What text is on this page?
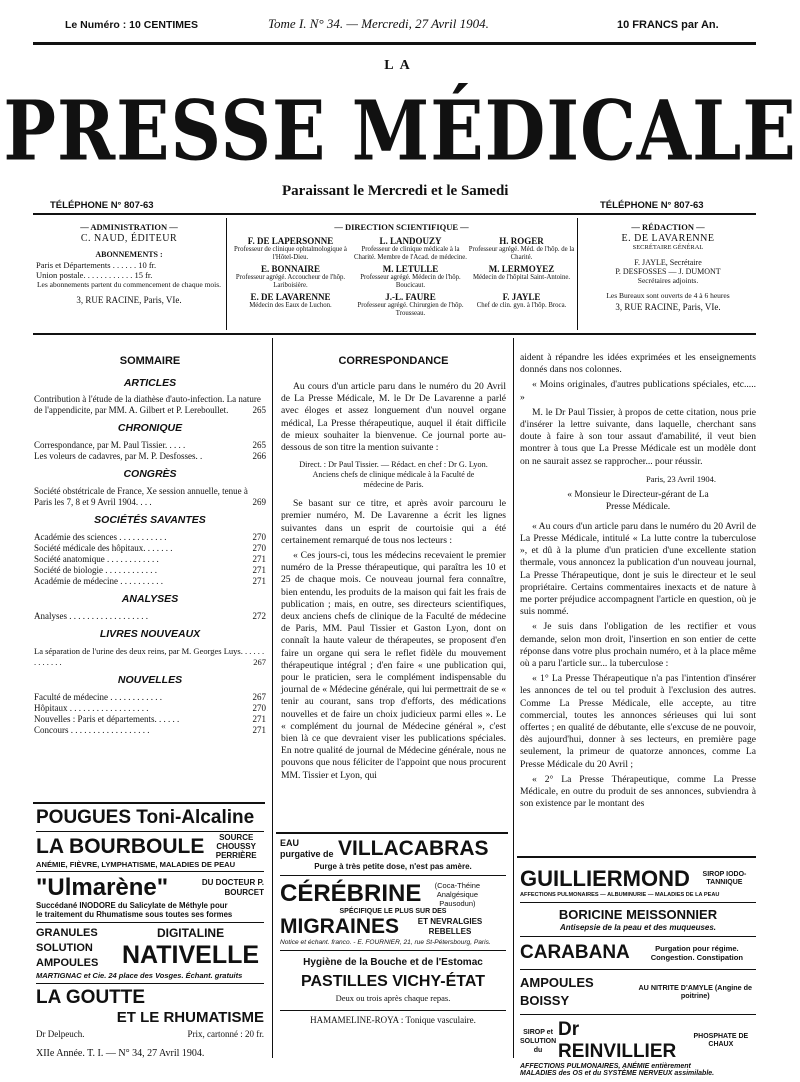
Le Numéro : 10 CENTIMES	Tome I. N° 34. — Mercredi, 27 Avril 1904.	10 FRANCS par An.
LA
PRESSE MÉDICALE
Paraissant le Mercredi et le Samedi
TÉLÉPHONE N° 807-63	TÉLÉPHONE N° 807-63
— ADMINISTRATION —
C. NAUD, ÉDITEUR
ABONNEMENTS :
Paris et Départements . . . . . . 10 fr.
Union postale. . . . . . . . . . . . 15 fr.
Les abonnements partent du commencement de chaque mois.
3, RUE RACINE, Paris, VIe.
— DIRECTION SCIENTIFIQUE —
F. DE LAPERSONNE
Professeur de clinique ophtalmologique à l'Hôtel-Dieu.
L. LANDOUZY
Professeur de clinique médicale à la Charité. Membre de l'Acad. de médecine.
H. ROGER
Professeur agrégé. Méd. de l'hôp. de la Charité.
E. BONNAIRE
Professeur agrégé. Accoucheur de l'hôp. Lariboisière.
M. LETULLE
Professeur agrégé. Médecin de l'hôp. Boucicaut.
M. LERMOYEZ
Médecin de l'hôpital Saint-Antoine.
E. DE LAVARENNE
Médecin des Eaux de Luchon.
J.-L. FAURE
Professeur agrégé. Chirurgien de l'hôp. Trousseau.
F. JAYLE
Chef de clin. gyn. à l'hôp. Broca.
— RÉDACTION —
E. DE LAVARENNE
SECRÉTAIRE GÉNÉRAL
F. JAYLE, Secrétaire
P. DESFOSSES — J. DUMONT
Secrétaires adjoints.
Les Bureaux sont ouverts de 4 à 6 heures
3, RUE RACINE, Paris, VIe.
SOMMAIRE
ARTICLES
Contribution à l'étude de la diathèse d'auto-infection. La nature de l'appendicite, par MM. A. Gilbert et P. Lereboullet.	265
CHRONIQUE
Correspondance, par M. Paul Tissier. . . . .	265
Les voleurs de cadavres, par M. P. Desfosses. .	266
CONGRÈS
Société obstétricale de France, Xe session annuelle, tenue à Paris les 7, 8 et 9 Avril 1904. . . .	269
SOCIÉTÉS SAVANTES
Académie des sciences . . . . . . . . . . .	270
Société médicale des hôpitaux. . . . . . .	270
Société anatomique . . . . . . . . . . . .	271
Société de biologie . . . . . . . . . . . .	271
Académie de médecine . . . . . . . . . .	271
ANALYSES
Analyses . . . . . . . . . . . . . . . . . .	272
LIVRES NOUVEAUX
La séparation de l'urine des deux reins, par M. Georges Luys. . . . . . . . . . . . .	267
NOUVELLES
Faculté de médecine . . . . . . . . . . . .	267
Hôpitaux . . . . . . . . . . . . . . . . . .	270
Nouvelles : Paris et départements. . . . . .	271
Concours . . . . . . . . . . . . . . . . . .	271
CORRESPONDANCE

Au cours d'un article paru dans le numéro du 20 Avril de La Presse Médicale, M. le Dr De Lavarenne a parlé avec éloges et assez longuement d'un nouvel organe médical, La Presse thérapeutique, auquel il était difficile de mieux souhaiter la bienvenue. Ce journal porte au-dessous de son titre la mention suivante :

Direct. : Dr Paul Tissier. — Rédact. en chef : Dr G. Lyon.
Anciens chefs de clinique médicale à la Faculté de médecine de Paris.

Se basant sur ce titre, et après avoir parcouru le premier numéro, M. De Lavarenne a écrit les lignes suivantes dans un esprit de courtoisie qui a été certainement remarqué de tous nos lecteurs :

« Ces jours-ci, tous les médecins recevaient le premier numéro de la Presse thérapeutique, qui paraîtra les 10 et 25 de chaque mois. Ce nouveau journal fera connaître, bien entendu, les produits de la maison qui fait les frais de publication ; mais, en outre, ses directeurs scientifiques, deux anciens chefs de clinique de la Faculté de médecine de Paris, MM. Paul Tissier et Gaston Lyon, dont on connaît la haute valeur de thérapeutes, se proposent d'en faire un organe qui sera le reflet fidèle du mouvement thérapeutique intégral ; d'en faire « une publication qui, pour le praticien, sera le complément indispensable du journal de « Médecine générale, qui lui permettrait de se « tenir au courant, sans trop d'efforts, des médications nouvelles et de faire un choix judicieux parmi elles ». Le « complément du journal de Médecine général », c'est bien là ce que devraient viser les publications spéciales. En notre qualité de journal de Médecine générale, nous ne pouvons que nous féliciter de l'appoint que nous procurent MM. Tissier et Lyon, qui

aident à répandre les idées exprimées et les enseignements donnés dans nos colonnes.

« Moins originales, d'autres publications spéciales, etc..... »

M. le Dr Paul Tissier, à propos de cette citation, nous prie d'insérer la lettre suivante, dans laquelle, cherchant sans doute à faire à son tour assaut d'amabilité, il veut bien montrer à tous que La Presse Médicale est un modèle dont on ne saurait assez se rapprocher... pour réussir.

Paris, 23 Avril 1904.
« Monsieur le Directeur-gérant de La Presse Médicale.

« Au cours d'un article paru dans le numéro du 20 Avril de La Presse Médicale, intitulé « La lutte contre la tuberculose », et dû à la plume d'un praticien d'une excellente station thermale, vous annoncez la publication d'un nouveau journal, La Presse Thérapeutique, dont je suis le directeur et le seul propriétaire. Certains commentaires inexacts et de nature à me porter préjudice accompagnent l'article en question, où je suis nommé.

« Je suis dans l'obligation de les rectifier et vous demande, selon mon droit, l'insertion en son entier de cette réponse dans votre plus prochain numéro, et à la place même où a paru l'article sur... la tuberculose :

« 1° La Presse Thérapeutique n'a pas l'intention d'insérer les annonces de tel ou tel produit à l'exclusion des autres. Comme La Presse Médicale, elle accepte, au titre commercial, toutes les annonces sérieuses qui lui sont offertes ; en qualité de débutante, elle s'excuse de ne pouvoir, dès aujourd'hui, donner à ses lecteurs, en première page seulement, la primeur de quatorze annonces, comme La Presse Médicale du 20 Avril ;

« 2° La Presse Thérapeutique, comme La Presse Médicale, en outre du produit de ses annonces, subviendra à son existence par le montant des

POUGUES Toni-Alcaline
LA BOURBOULE	SOURCE CHOUSSY PERRIÈRE
ANÉMIE, FIÈVRE, LYMPHATISME, MALADIES DE PEAU
"Ulmarène"	DU DOCTEUR P. BOURCET
Succédané INODORE du Salicylate de Méthyle pour
le traitement du Rhumatisme sous toutes ses formes
GRANULES
SOLUTION
AMPOULES
DIGITALINE
NATIVELLE
MARTIGNAC et Cie. 24 place des Vosges. Échant. gratuits
LA GOUTTE
ET LE RHUMATISME
Dr Delpeuch.	Prix, cartonné : 20 fr.
EAU purgative de VILLACABRAS
Purge à très petite dose, n'est pas amère.
CÉRÉBRINE	(Coca-Théine Analgésique Pausodun)
SPÉCIFIQUE LE PLUS SUR DES
MIGRAINES	ET NEVRALGIES REBELLES
Notice et échant. franco. - E. FOURNIER, 21, rue St-Pétersbourg, Paris.
Hygiène de la Bouche et de l'Estomac
PASTILLES VICHY-ÉTAT
Deux ou trois après chaque repas.
HAMAMELINE-ROYA : Tonique vasculaire.
GUILLIERMOND	SIROP IODO-TANNIQUE
AFFECTIONS PULMONAIRES — ALBUMINURIE — MALADIES DE LA PEAU
BORICINE MEISSONNIER
Antisepsie de la peau et des muqueuses.
CARABANA	Purgation pour régime. Congestion. Constipation
AMPOULES BOISSY
AU NITRITE D'AMYLE (Angine de poitrine)
SIROP et SOLUTION du
Dr REINVILLIER
PHOSPHATE DE CHAUX
AFFECTIONS PULMONAIRES, ANÉMIE entièrement
MALADIES des OS et du SYSTÈME NERVEUX assimilable.
XIIe Année. T. I. — N° 34, 27 Avril 1904.
